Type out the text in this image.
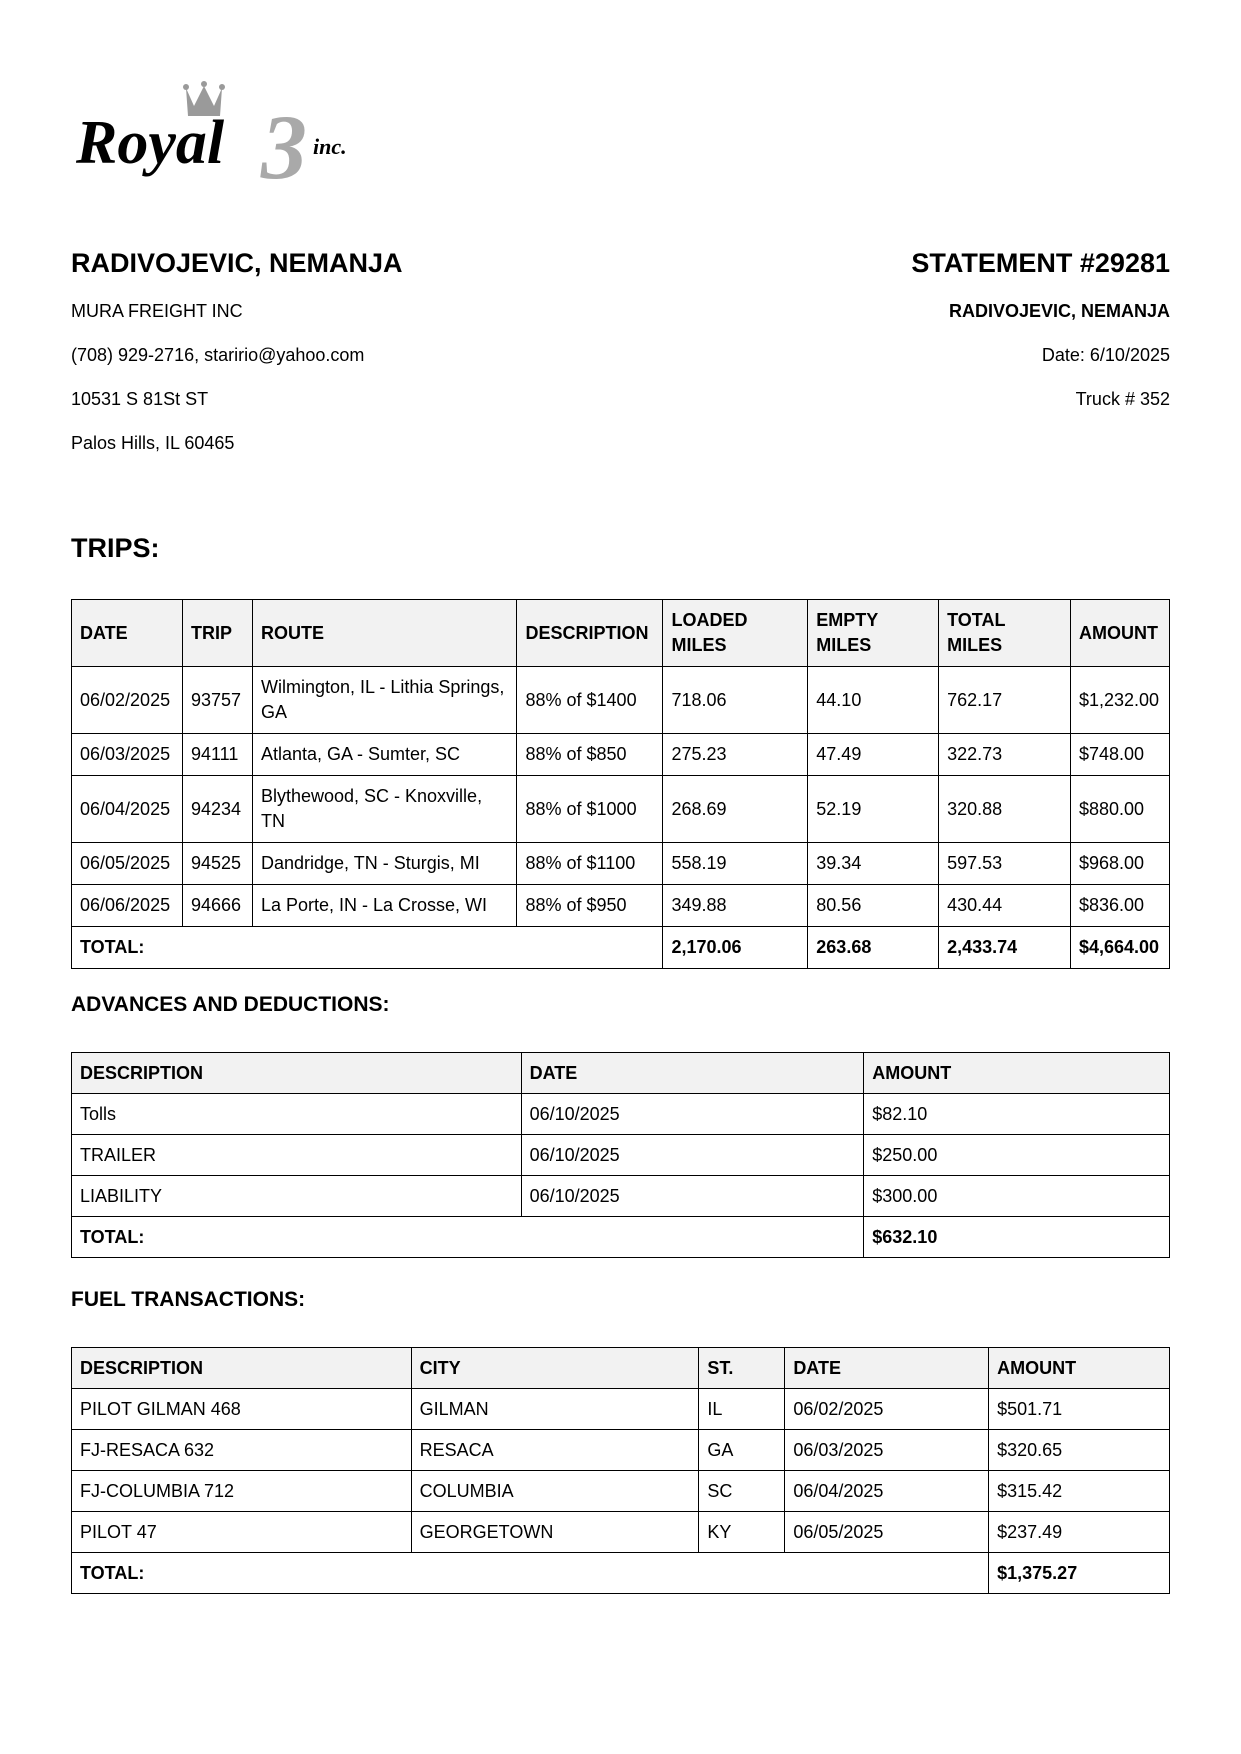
3
Royal	inc.
RADIVOJEVIC, NEMANJA
MURA FREIGHT INC
(708) 929-2716, staririo@yahoo.com
10531 S 81St ST
Palos Hills, IL 60465
STATEMENT #29281
RADIVOJEVIC, NEMANJA
Date: 6/10/2025
Truck # 352
TRIPS:
DATE	TRIP	ROUTE	DESCRIPTION	LOADED MILES	EMPTY MILES	TOTAL MILES	AMOUNT
06/02/2025	93757	Wilmington, IL - Lithia Springs, GA	88% of $1400	718.06	44.10	762.17	$1,232.00
06/03/2025	94111	Atlanta, GA - Sumter, SC	88% of $850	275.23	47.49	322.73	$748.00
06/04/2025	94234	Blythewood, SC - Knoxville, TN	88% of $1000	268.69	52.19	320.88	$880.00
06/05/2025	94525	Dandridge, TN - Sturgis, MI	88% of $1100	558.19	39.34	597.53	$968.00
06/06/2025	94666	La Porte, IN - La Crosse, WI	88% of $950	349.88	80.56	430.44	$836.00
TOTAL:				2,170.06	263.68	2,433.74	$4,664.00
ADVANCES AND DEDUCTIONS:
DESCRIPTION	DATE	AMOUNT
Tolls	06/10/2025	$82.10
TRAILER	06/10/2025	$250.00
LIABILITY	06/10/2025	$300.00
TOTAL:		$632.10
FUEL TRANSACTIONS:
DESCRIPTION	CITY	ST.	DATE	AMOUNT
PILOT GILMAN 468	GILMAN	IL	06/02/2025	$501.71
FJ-RESACA 632	RESACA	GA	06/03/2025	$320.65
FJ-COLUMBIA 712	COLUMBIA	SC	06/04/2025	$315.42
PILOT 47	GEORGETOWN	KY	06/05/2025	$237.49
TOTAL:				$1,375.27
